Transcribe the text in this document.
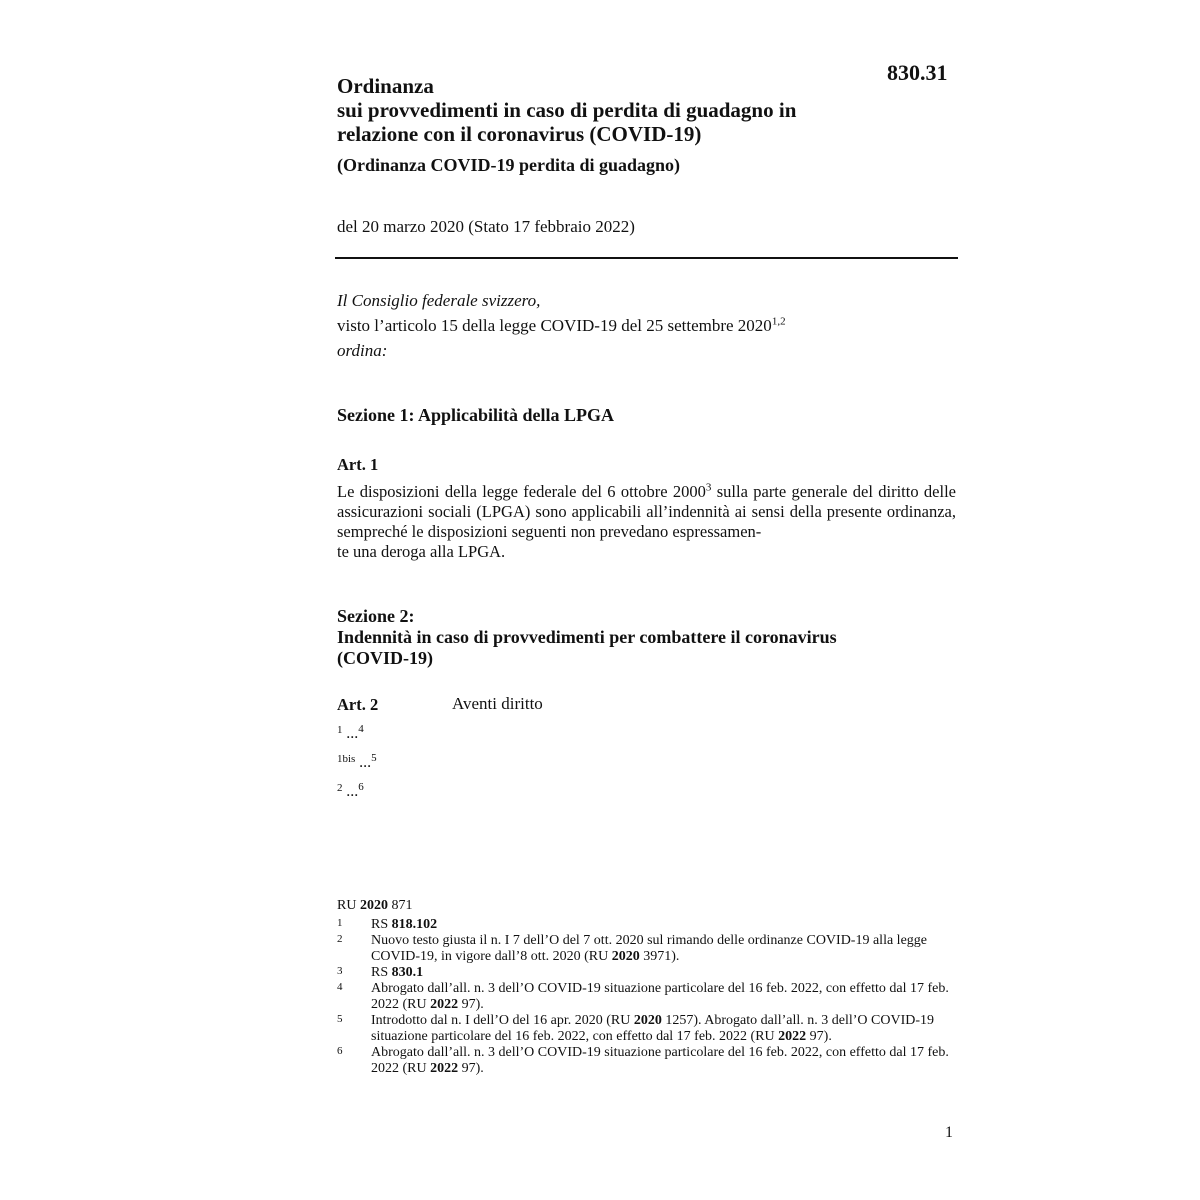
830.31
Ordinanza
sui provvedimenti in caso di perdita di guadagno in
relazione con il coronavirus (COVID-19)
(Ordinanza COVID-19 perdita di guadagno)
del 20 marzo 2020 (Stato 17 febbraio 2022)
Il Consiglio federale svizzero,
visto l’articolo 15 della legge COVID-19 del 25 settembre 2020$^{1,2}$
ordina:
Sezione 1: Applicabilità della LPGA
Art. 1
Le disposizioni della legge federale del 6 ottobre 2000$^3$ sulla parte generale del diritto delle assicurazioni sociali (LPGA) sono applicabili all’indennità ai sensi della presente ordinanza, sempreché le disposizioni seguenti non prevedano espressamen-
te una deroga alla LPGA.
Sezione 2:
Indennità in caso di provvedimenti per combattere il coronavirus
(COVID-19)
Art. 2	Aventi diritto
$^1$ ...$^4$
$^{1bis}$ ...$^5$
$^2$ ...$^6$
RU 2020 871
1	RS 818.102
2	Nuovo testo giusta il n. I 7 dell’O del 7 ott. 2020 sul rimando delle ordinanze COVID-19 alla legge COVID-19, in vigore dall’8 ott. 2020 (RU 2020 3971).
3	RS 830.1
4	Abrogato dall’all. n. 3 dell’O COVID-19 situazione particolare del 16 feb. 2022, con effetto dal 17 feb. 2022 (RU 2022 97).
5	Introdotto dal n. I dell’O del 16 apr. 2020 (RU 2020 1257). Abrogato dall’all. n. 3 dell’O COVID-19 situazione particolare del 16 feb. 2022, con effetto dal 17 feb. 2022 (RU 2022 97).
6	Abrogato dall’all. n. 3 dell’O COVID-19 situazione particolare del 16 feb. 2022, con effetto dal 17 feb. 2022 (RU 2022 97).
1
